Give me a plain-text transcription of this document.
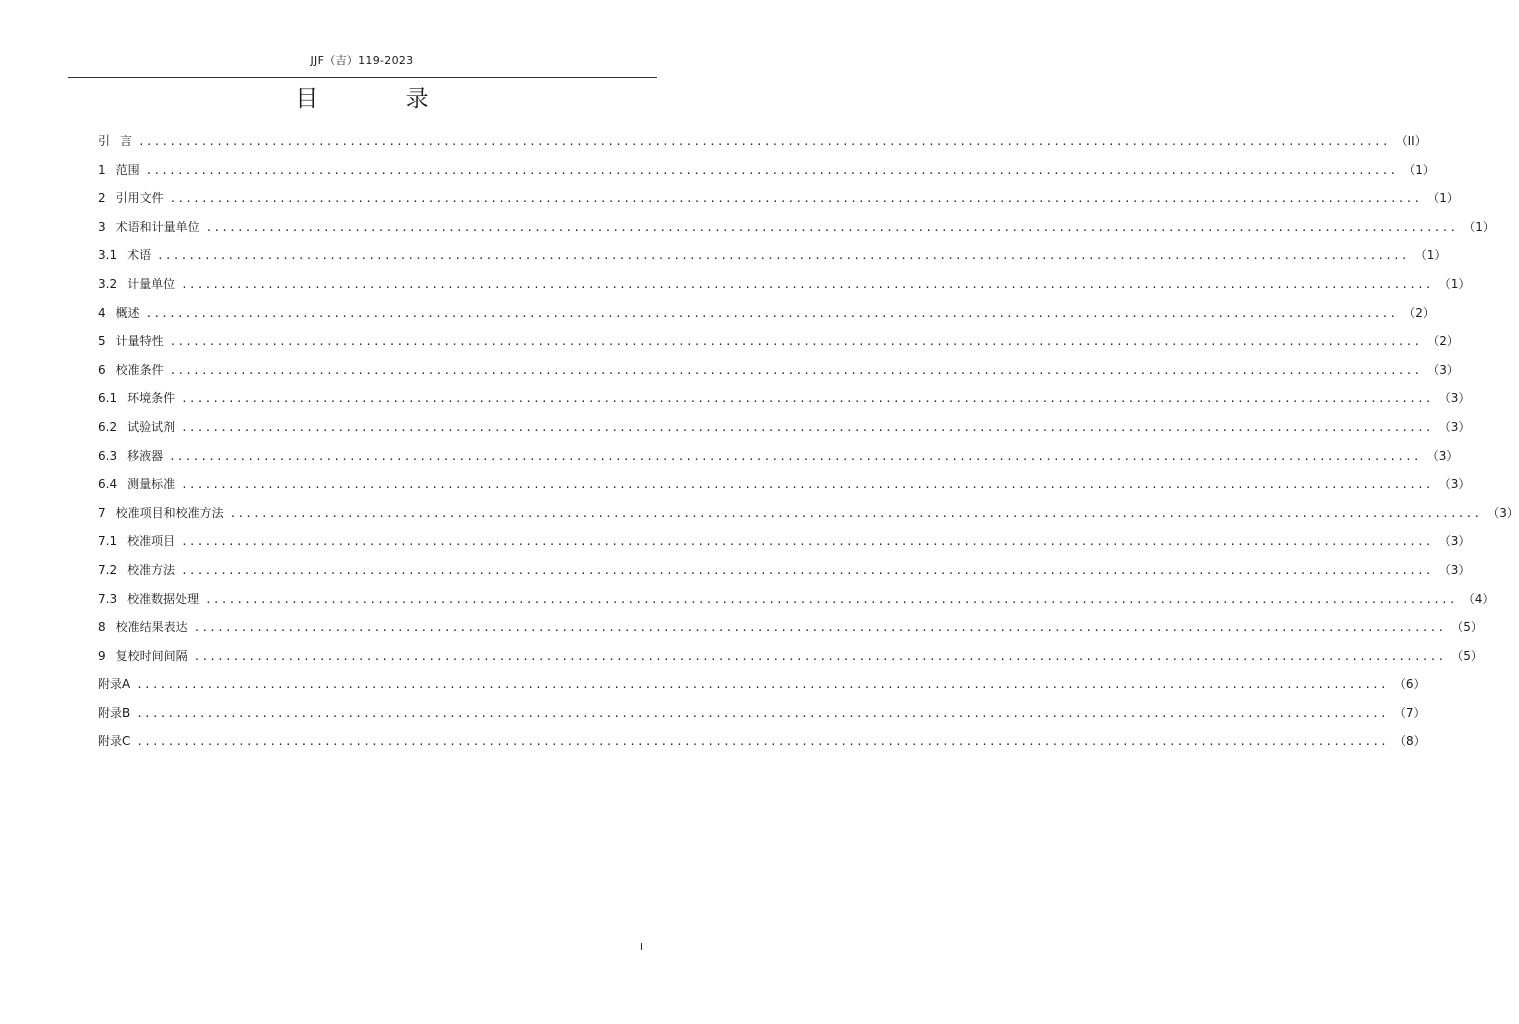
JJF（吉）119-2023
目 录
引 言 ................................................................................................................................................................ （II）
1 范围 ................................................................................................................................................................ （1）
2 引用文件 ................................................................................................................................................................ （1）
3 术语和计量单位 ................................................................................................................................................................ （1）
3.1 术语 ................................................................................................................................................................ （1）
3.2 计量单位 ................................................................................................................................................................ （1）
4 概述 ................................................................................................................................................................ （2）
5 计量特性 ................................................................................................................................................................ （2）
6 校准条件 ................................................................................................................................................................ （3）
6.1 环境条件 ................................................................................................................................................................ （3）
6.2 试验试剂 ................................................................................................................................................................ （3）
6.3 移液器 ................................................................................................................................................................ （3）
6.4 测量标准 ................................................................................................................................................................ （3）
7 校准项目和校准方法 ................................................................................................................................................................ （3）
7.1 校准项目 ................................................................................................................................................................ （3）
7.2 校准方法 ................................................................................................................................................................ （3）
7.3 校准数据处理 ................................................................................................................................................................ （4）
8 校准结果表达 ................................................................................................................................................................ （5）
9 复校时间间隔 ................................................................................................................................................................ （5）
附录A ................................................................................................................................................................ （6）
附录B ................................................................................................................................................................ （7）
附录C ................................................................................................................................................................ （8）
I
